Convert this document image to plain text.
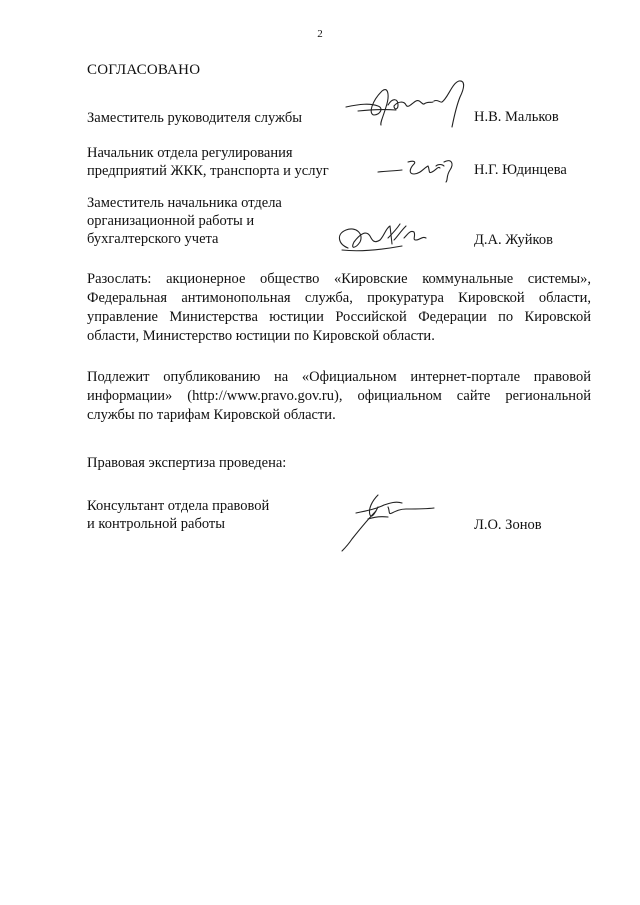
2
СОГЛАСОВАНО
Заместитель руководителя службы	Н.В. Мальков
Начальник отдела регулирования
предприятий ЖКК, транспорта и услуг	Н.Г. Юдинцева
Заместитель начальника отдела
организационной работы и
бухгалтерского учета	Д.А. Жуйков
Разослать: акционерное общество «Кировские коммунальные системы», Федеральная антимонопольная служба, прокуратура Кировской области, управление Министерства юстиции Российской Федерации по Кировской области, Министерство юстиции по Кировской области.
Подлежит опубликованию на «Официальном интернет-портале правовой информации» (http://www.pravo.gov.ru), официальном сайте региональной службы по тарифам Кировской области.
Правовая экспертиза проведена:
Консультант отдела правовой
и контрольной работы	Л.О. Зонов
